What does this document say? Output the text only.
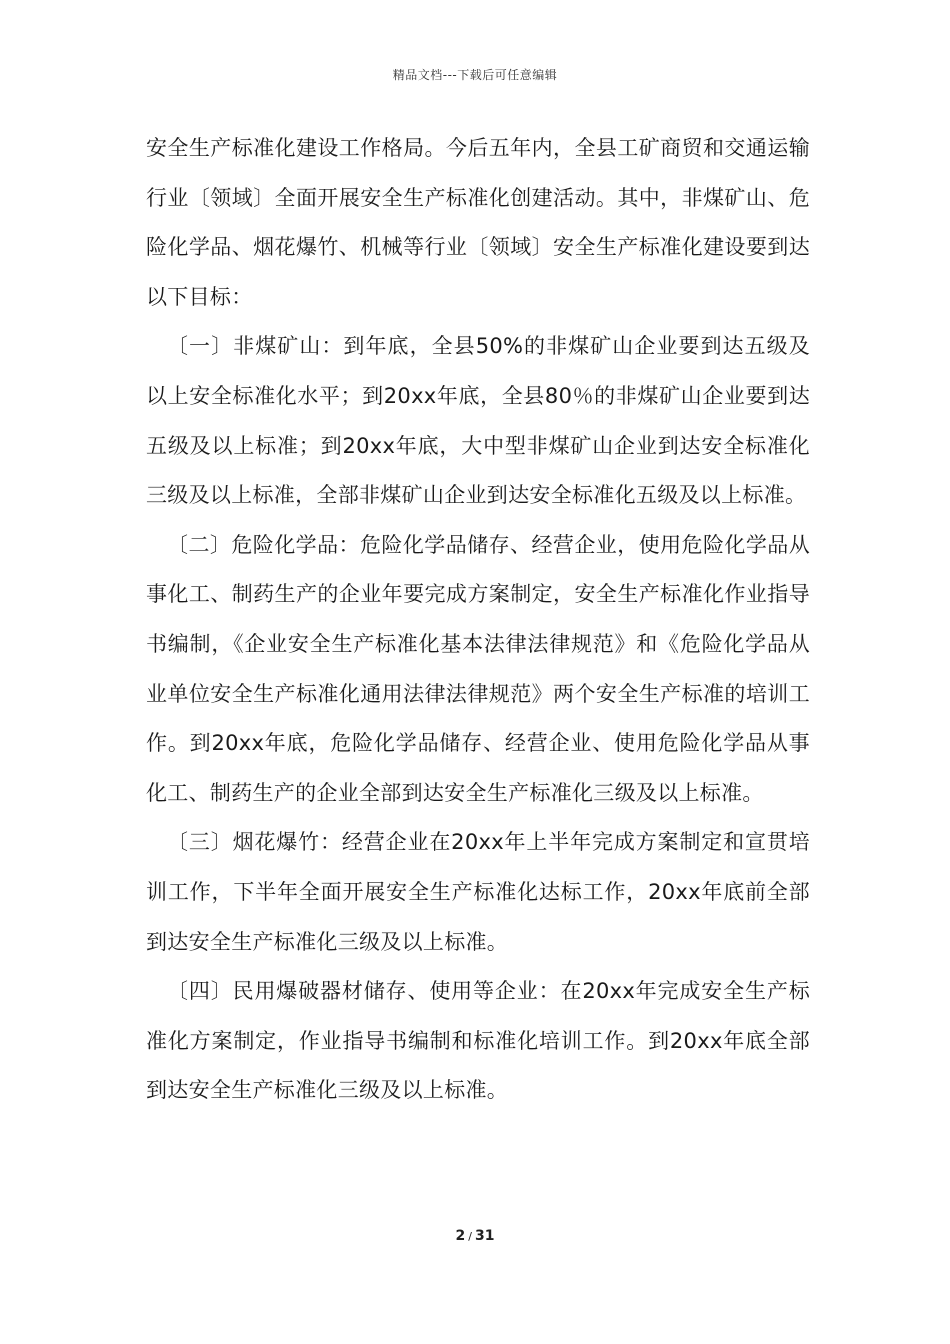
精品文档---下载后可任意编辑

安全生产标准化建设工作格局。今后五年内，全县工矿商贸和交通运输行业〔领域〕全面开展安全生产标准化创建活动。其中，非煤矿山、危险化学品、烟花爆竹、机械等行业〔领域〕安全生产标准化建设要到达以下目标：

〔一〕非煤矿山：到年底，全县50%的非煤矿山企业要到达五级及以上安全标准化水平；到20xx年底，全县80％的非煤矿山企业要到达五级及以上标准；到20xx年底，大中型非煤矿山企业到达安全标准化三级及以上标准，全部非煤矿山企业到达安全标准化五级及以上标准。

〔二〕危险化学品：危险化学品储存、经营企业，使用危险化学品从事化工、制药生产的企业年要完成方案制定，安全生产标准化作业指导书编制，《企业安全生产标准化基本法律法律规范》和《危险化学品从业单位安全生产标准化通用法律法律规范》两个安全生产标准的培训工作。到20xx年底，危险化学品储存、经营企业、使用危险化学品从事化工、制药生产的企业全部到达安全生产标准化三级及以上标准。

〔三〕烟花爆竹：经营企业在20xx年上半年完成方案制定和宣贯培训工作，下半年全面开展安全生产标准化达标工作，20xx年底前全部到达安全生产标准化三级及以上标准。

〔四〕民用爆破器材储存、使用等企业：在20xx年完成安全生产标准化方案制定，作业指导书编制和标准化培训工作。到20xx年底全部到达安全生产标准化三级及以上标准。

2 / 31
